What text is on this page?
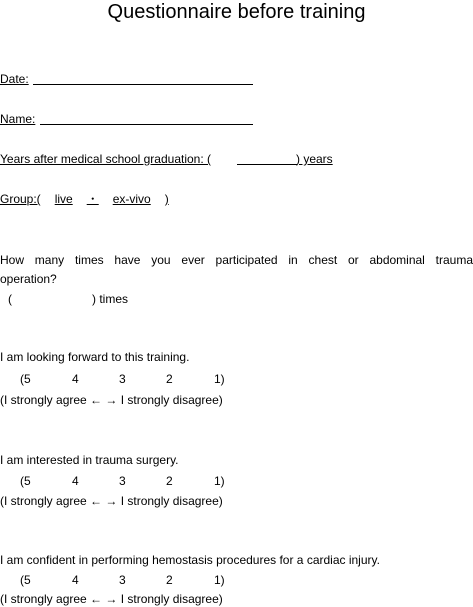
Questionnaire before training
Date:
Name:
Years after medical school graduation: (	) years
Group:( live ・ ex-vivo )
How many times have you ever participated in chest or abdominal trauma
operation?
(	) times
I am looking forward to this training.
(5	4	3	2	1)
(I strongly agree ← → I strongly disagree)
I am interested in trauma surgery.
(5	4	3	2	1)
(I strongly agree ← → I strongly disagree)
I am confident in performing hemostasis procedures for a cardiac injury.
(5	4	3	2	1)
(I strongly agree ← → I strongly disagree)
